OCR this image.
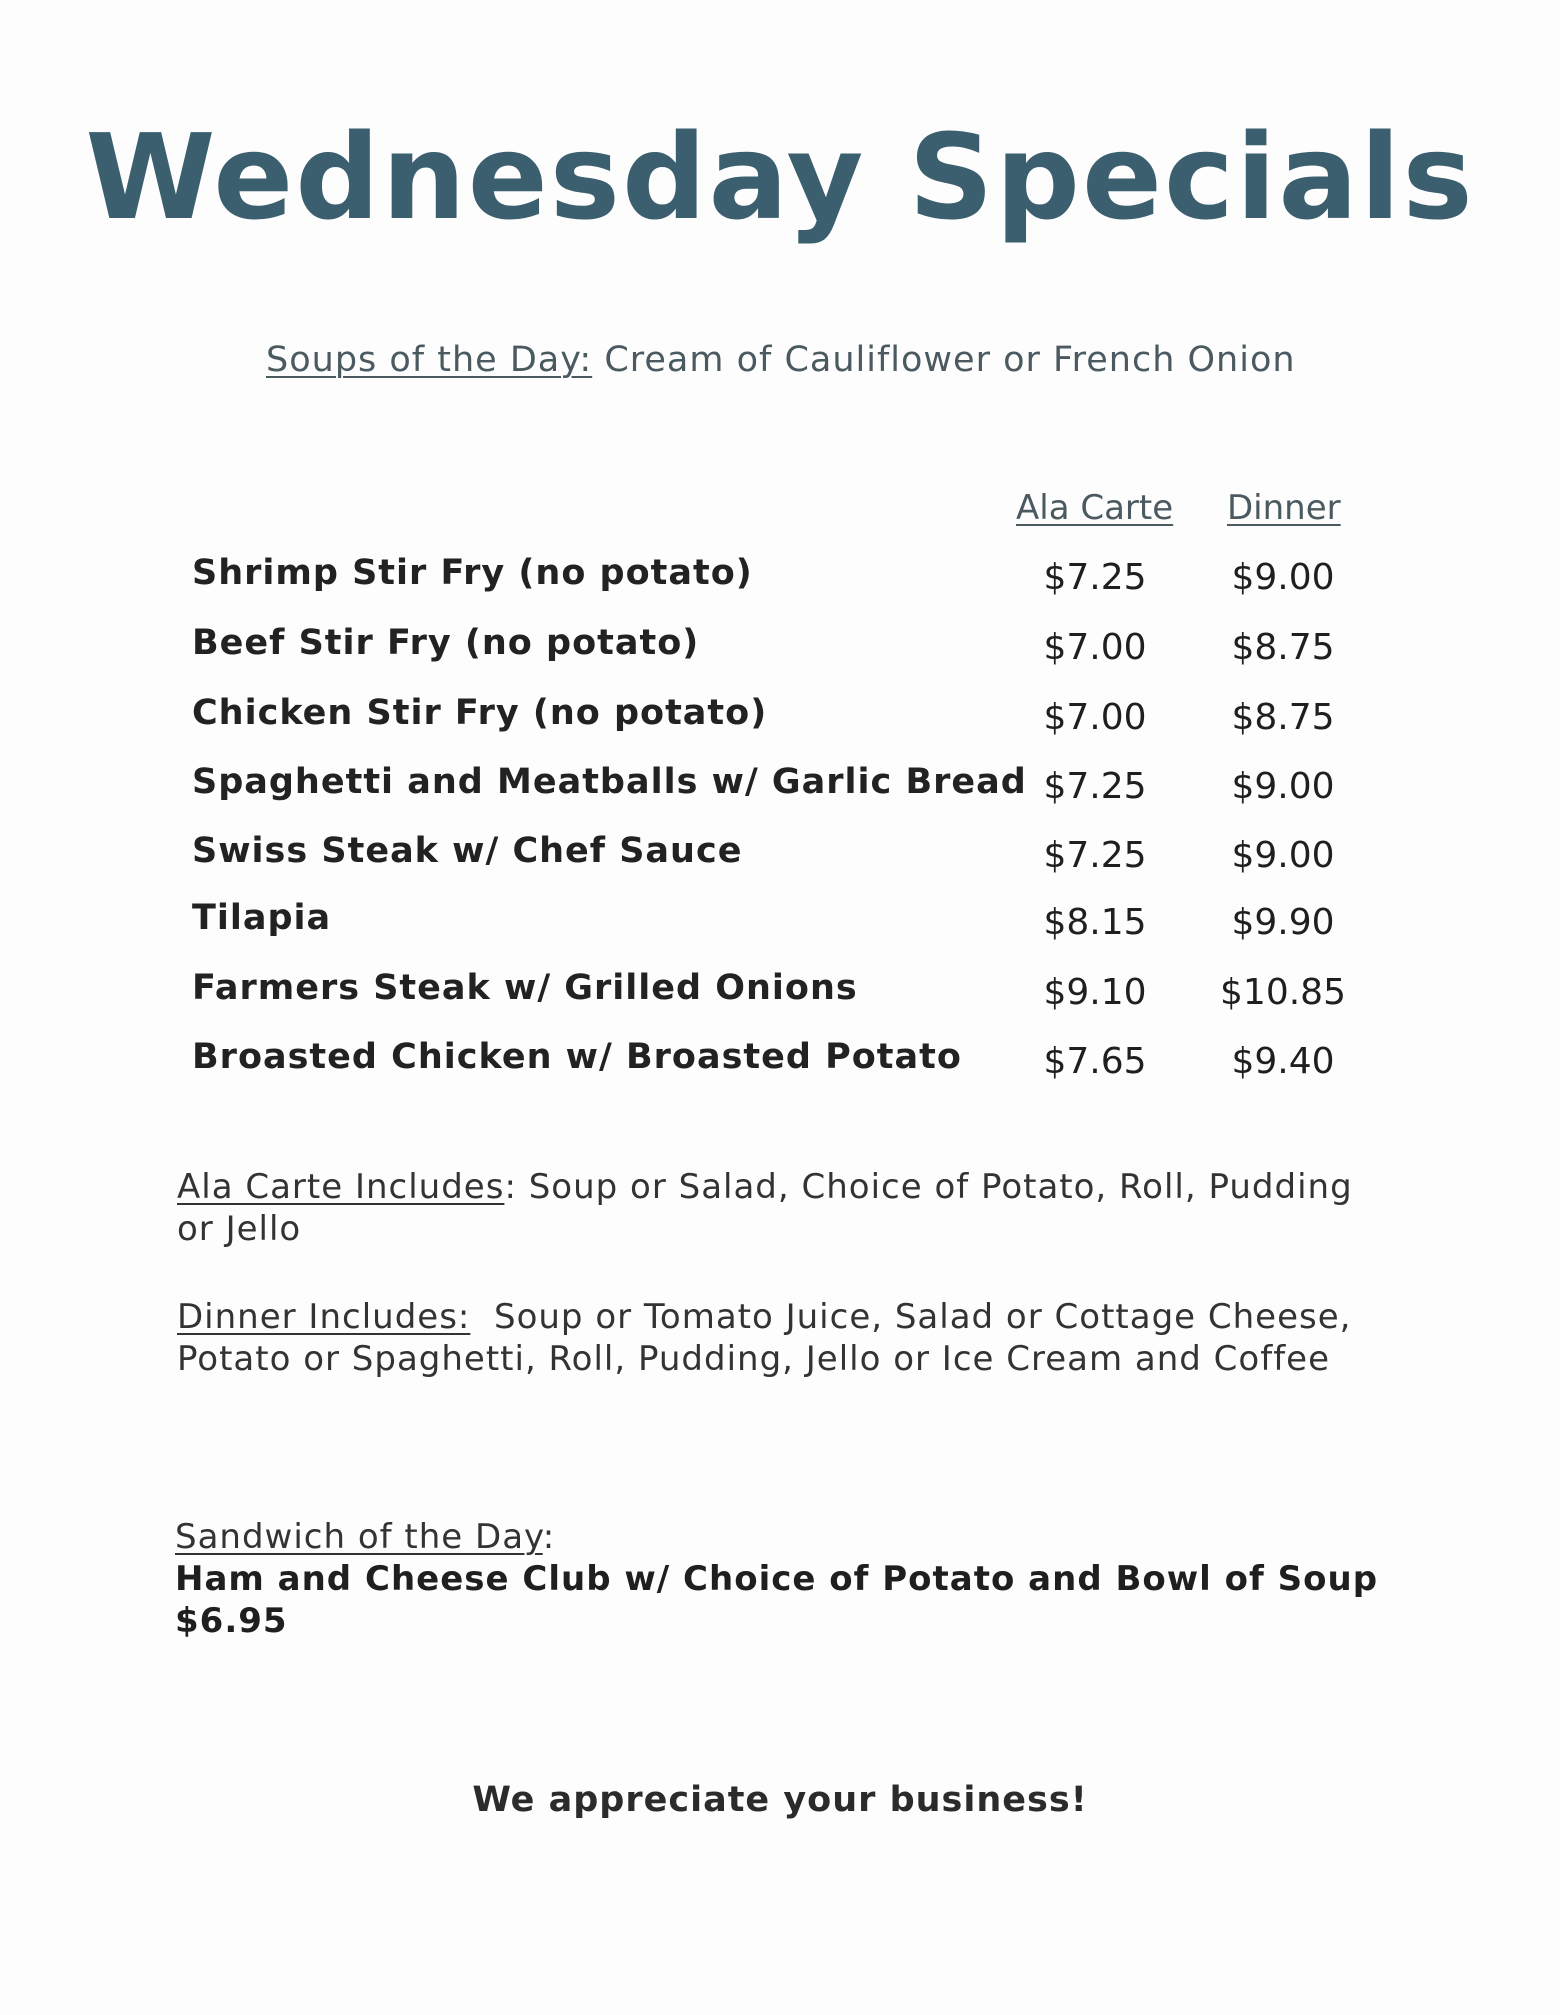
Wednesday Specials
Soups of the Day: Cream of Cauliflower or French Onion
Ala Carte Dinner
Shrimp Stir Fry (no potato)	$7.25	$9.00
Beef Stir Fry (no potato)	$7.00	$8.75
Chicken Stir Fry (no potato)	$7.00	$8.75
Spaghetti and Meatballs w/ Garlic Bread $7.25	$9.00
Swiss Steak w/ Chef Sauce	$7.25	$9.00
Tilapia	$8.15	$9.90
Farmers Steak w/ Grilled Onions	$9.10	$10.85
Broasted Chicken w/ Broasted Potato	$7.65	$9.40
Ala Carte Includes: Soup or Salad, Choice of Potato, Roll, Pudding or Jello
Dinner Includes: Soup or Tomato Juice, Salad or Cottage Cheese, Potato or Spaghetti, Roll, Pudding, Jello or Ice Cream and Coffee
Sandwich of the Day:
Ham and Cheese Club w/ Choice of Potato and Bowl of Soup
$6.95
We appreciate your business!
